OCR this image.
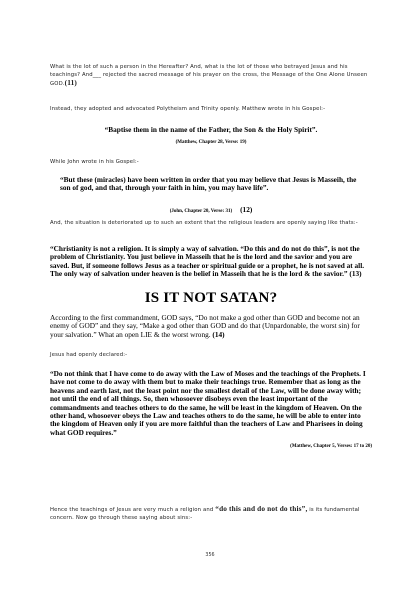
What is the lot of such a person in the Hereafter? And, what is the lot of those who betrayed Jesus and his teachings? And___ rejected the sacred message of his prayer on the cross, the Message of the One Alone Unseen GOD.(11)

Instead, they adopted and advocated Polytheism and Trinity openly. Matthew wrote in his Gospel:-

“Baptise them in the name of the Father, the Son & the Holy Spirit”.

(Matthew, Chapter 28, Verse: 19)

While John wrote in his Gospel:-

“But these (miracles) have been written in order that you may believe that Jesus is Masseih, the son of god, and that, through your faith in him, you may have life”.

(John, Chapter 20, Verse: 31) (12)

And, the situation is deteriorated up to such an extent that the religious leaders are openly saying like thats:-

“Christianity is not a religion. It is simply a way of salvation. “Do this and do not do this”, is not the problem of Christianity. You just believe in Masseih that he is the lord and the savior and you are saved. But, if someone follows Jesus as a teacher or spiritual guide or a prophet, he is not saved at all. The only way of salvation under heaven is the belief in Masseih that he is the lord & the savior.” (13)

IS IT NOT SATAN?

According to the first commandment, GOD says, “Do not make a god other than GOD and become not an enemy of GOD” and they say, “Make a god other than GOD and do that (Unpardonable, the worst sin) for your salvation.” What an open LIE & the worst wrong. (14)

Jesus had openly declared:-

“Do not think that I have come to do away with the Law of Moses and the teachings of the Prophets. I have not come to do away with them but to make their teachings true. Remember that as long as the heavens and earth last, not the least point nor the smallest detail of the Law, will be done away with; not until the end of all things. So, then whosoever disobeys even the least important of the commandments and teaches others to do the same, he will be least in the kingdom of Heaven. On the other hand, whosoever obeys the Law and teaches others to do the same, he will be able to enter into the kingdom of Heaven only if you are more faithful than the teachers of Law and Pharisees in doing what GOD requires.”

(Matthew, Chapter 5, Verses: 17 to 20)

Hence the teachings of Jesus are very much a religion and “do this and do not do this”, is its fundamental concern. Now go through these saying about sins:-

356
